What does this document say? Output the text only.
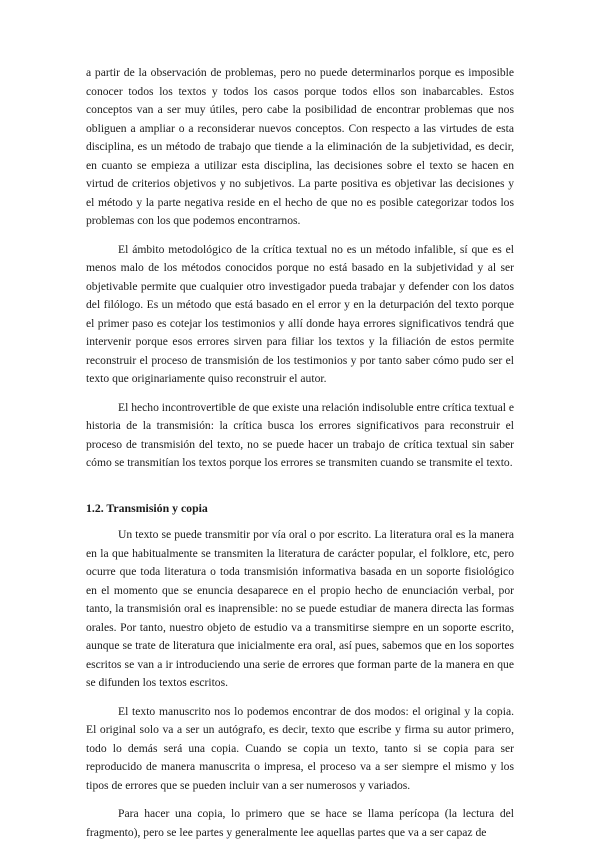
a partir de la observación de problemas, pero no puede determinarlos porque es imposible conocer todos los textos y todos los casos porque todos ellos son inabarcables. Estos conceptos van a ser muy útiles, pero cabe la posibilidad de encontrar problemas que nos obliguen a ampliar o a reconsiderar nuevos conceptos. Con respecto a las virtudes de esta disciplina, es un método de trabajo que tiende a la eliminación de la subjetividad, es decir, en cuanto se empieza a utilizar esta disciplina, las decisiones sobre el texto se hacen en virtud de criterios objetivos y no subjetivos. La parte positiva es objetivar las decisiones y el método y la parte negativa reside en el hecho de que no es posible categorizar todos los problemas con los que podemos encontrarnos.

El ámbito metodológico de la crítica textual no es un método infalible, sí que es el menos malo de los métodos conocidos porque no está basado en la subjetividad y al ser objetivable permite que cualquier otro investigador pueda trabajar y defender con los datos del filólogo. Es un método que está basado en el error y en la deturpación del texto porque el primer paso es cotejar los testimonios y allí donde haya errores significativos tendrá que intervenir porque esos errores sirven para filiar los textos y la filiación de estos permite reconstruir el proceso de transmisión de los testimonios y por tanto saber cómo pudo ser el texto que originariamente quiso reconstruir el autor.

El hecho incontrovertible de que existe una relación indisoluble entre crítica textual e historia de la transmisión: la crítica busca los errores significativos para reconstruir el proceso de transmisión del texto, no se puede hacer un trabajo de crítica textual sin saber cómo se transmitían los textos porque los errores se transmiten cuando se transmite el texto.

1.2. Transmisión y copia

Un texto se puede transmitir por vía oral o por escrito. La literatura oral es la manera en la que habitualmente se transmiten la literatura de carácter popular, el folklore, etc, pero ocurre que toda literatura o toda transmisión informativa basada en un soporte fisiológico en el momento que se enuncia desaparece en el propio hecho de enunciación verbal, por tanto, la transmisión oral es inaprensible: no se puede estudiar de manera directa las formas orales. Por tanto, nuestro objeto de estudio va a transmitirse siempre en un soporte escrito, aunque se trate de literatura que inicialmente era oral, así pues, sabemos que en los soportes escritos se van a ir introduciendo una serie de errores que forman parte de la manera en que se difunden los textos escritos.

El texto manuscrito nos lo podemos encontrar de dos modos: el original y la copia. El original solo va a ser un autógrafo, es decir, texto que escribe y firma su autor primero, todo lo demás será una copia. Cuando se copia un texto, tanto si se copia para ser reproducido de manera manuscrita o impresa, el proceso va a ser siempre el mismo y los tipos de errores que se pueden incluir van a ser numerosos y variados.

Para hacer una copia, lo primero que se hace se llama perícopa (la lectura del fragmento), pero se lee partes y generalmente lee aquellas partes que va a ser capaz de
